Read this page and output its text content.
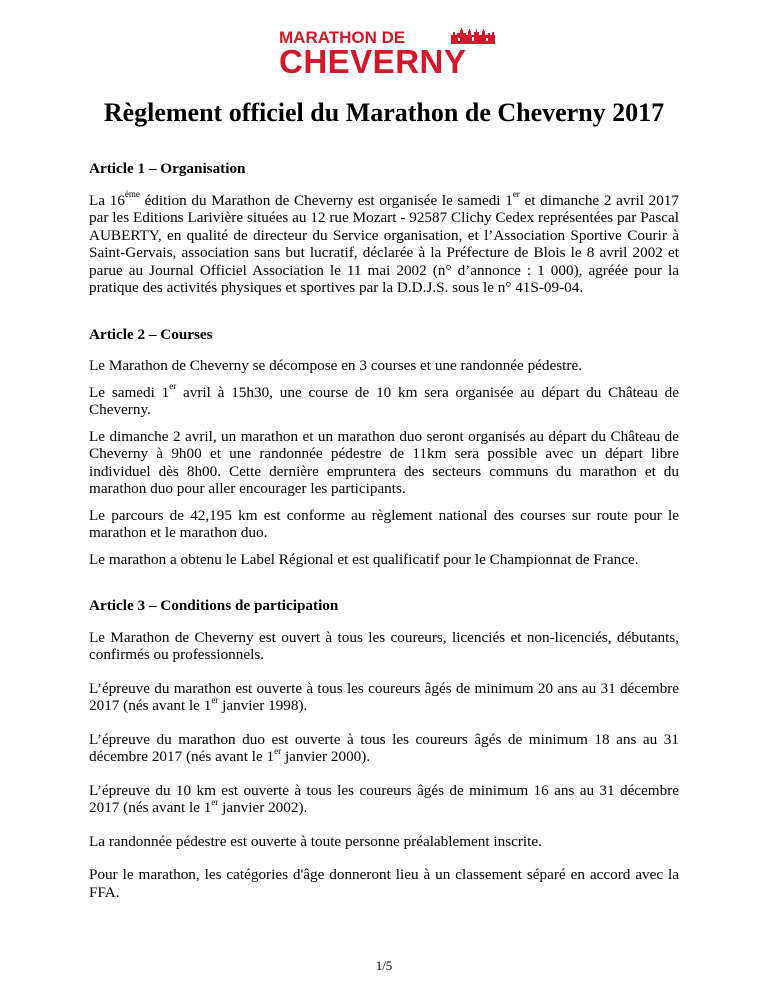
MARATHON DE
CHEVERNY
Règlement officiel du Marathon de Cheverny 2017
Article 1 – Organisation
La 16ème édition du Marathon de Cheverny est organisée le samedi 1er et dimanche 2 avril 2017 par les Editions Larivière situées au 12 rue Mozart - 92587 Clichy Cedex représentées par Pascal AUBERTY, en qualité de directeur du Service organisation, et l’Association Sportive Courir à Saint-Gervais, association sans but lucratif, déclarée à la Préfecture de Blois le 8 avril 2002 et parue au Journal Officiel Association le 11 mai 2002 (n° d’annonce : 1 000), agréée pour la pratique des activités physiques et sportives par la D.D.J.S. sous le n° 41S-09-04.
Article 2 – Courses
Le Marathon de Cheverny se décompose en 3 courses et une randonnée pédestre.
Le samedi 1er avril à 15h30, une course de 10 km sera organisée au départ du Château de Cheverny.
Le dimanche 2 avril, un marathon et un marathon duo seront organisés au départ du Château de Cheverny à 9h00 et une randonnée pédestre de 11km sera possible avec un départ libre individuel dès 8h00. Cette dernière empruntera des secteurs communs du marathon et du marathon duo pour aller encourager les participants.
Le parcours de 42,195 km est conforme au règlement national des courses sur route pour le marathon et le marathon duo.
Le marathon a obtenu le Label Régional et est qualificatif pour le Championnat de France.
Article 3 – Conditions de participation
Le Marathon de Cheverny est ouvert à tous les coureurs, licenciés et non-licenciés, débutants, confirmés ou professionnels.
L’épreuve du marathon est ouverte à tous les coureurs âgés de minimum 20 ans au 31 décembre 2017 (nés avant le 1er janvier 1998).
L’épreuve du marathon duo est ouverte à tous les coureurs âgés de minimum 18 ans au 31 décembre 2017 (nés avant le 1er janvier 2000).
L’épreuve du 10 km est ouverte à tous les coureurs âgés de minimum 16 ans au 31 décembre 2017 (nés avant le 1er janvier 2002).
La randonnée pédestre est ouverte à toute personne préalablement inscrite.
Pour le marathon, les catégories d'âge donneront lieu à un classement séparé en accord avec la FFA.
1/5
